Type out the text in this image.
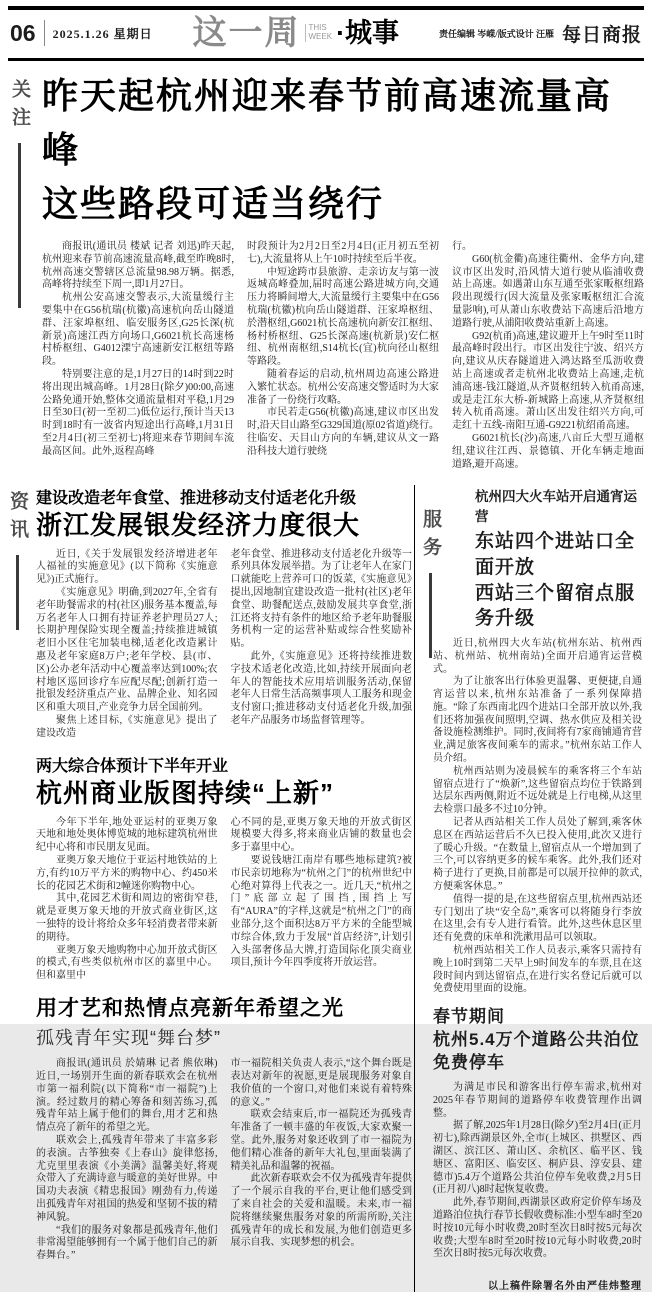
06 2025.1.26 星期日 这一周 THIS
WEEK ·城事	责任编辑 岑嵘/版式设计 汪雁 每日商报
关注 昨天起杭州迎来春节前高速流量高峰
这些路段可适当绕行

商报讯(通讯员 楼斌 记者 刘迅)昨天起,杭州迎来春节前高速流量高峰,截至昨晚8时,杭州高速交警辖区总流量98.98万辆。据悉,高峰将持续至下周一,即1月27日。

杭州公安高速交警表示,大流量缓行主要集中在G56杭瑞(杭徽)高速杭向岳山隧道群、汪家埠枢纽、临安服务区,G25长深(杭新景)高速江西方向场口,G6021杭长高速杨村桥枢纽、G4012溧宁高速新安江枢纽等路段。

特别要注意的是,1月27日的14时到22时将出现出城高峰。1月28日(除夕)00:00,高速公路免通开始,整体交通流量相对平稳,1月29日至30日(初一至初二)低位运行,预计当天13时到18时有一波省内短途出行高峰,1月31日至2月4日(初三至初七)将迎来春节期间车流最高区间。此外,返程高峰

时段预计为2月2日至2月4日(正月初五至初七),大流量将从上午10时持续至后半夜。

中短途跨市县旅游、走亲访友与第一波返城高峰叠加,届时高速公路进城方向,交通压力将瞬间增大,大流量缓行主要集中在G56杭瑞(杭徽)杭向岳山隧道群、汪家埠枢纽、於潜枢纽,G6021杭长高速杭向新安江枢纽、杨村桥枢纽、G25长深高速(杭新景)安仁枢纽、杭州南枢纽,S14杭长(宜)杭向径山枢纽等路段。

随着春运的启动,杭州周边高速公路进入繁忙状态。杭州公安高速交警适时为大家准备了一份绕行攻略。

市民若走G56(杭徽)高速,建议市区出发时,沿天目山路至G329国道(原02省道)绕行。往临安、天目山方向的车辆,建议从文一路沿科技大道行驶绕

行。

G60(杭金衢)高速往衢州、金华方向,建议市区出发时,沿风情大道行驶从临浦收费站上高速。如遇萧山东互通至张家畈枢纽路段出现缓行(因大流量及张家畈枢纽汇合流量影响),可从萧山东收费站下高速后沿地方道路行驶,从浦阳收费站重新上高速。

G92(杭甬)高速,建议避开上午9时至11时最高峰时段出行。市区出发往宁波、绍兴方向,建议从庆春隧道进入鸿达路至瓜沥收费站上高速或者走杭州北收费站上高速,走杭浦高速-钱江隧道,从齐贤枢纽转入杭甬高速,或是走江东大桥-新城路上高速,从齐贤枢纽转入杭甬高速。萧山区出发往绍兴方向,可走红十五线-南阳互通-G9221杭绍甬高速。

G6021杭长(沙)高速,八亩丘大型互通枢纽,建议往江西、景德镇、开化车辆走地面道路,避开高速。

资讯 建设改造老年食堂、推进移动支付适老化升级
浙江发展银发经济力度很大

近日,《关于发展银发经济增进老年人福祉的实施意见》(以下简称《实施意见》)正式施行。

《实施意见》明确,到2027年,全省有老年助餐需求的村(社区)服务基本覆盖,每万名老年人口拥有持证养老护理员27人;长期护理保险实现全覆盖;持续推进城镇老旧小区住宅加装电梯,适老化改造累计惠及老年家庭8万户;老年学校、县(市、区)公办老年活动中心覆盖率达到100%;农村地区巡回诊疗车应配尽配;创新打造一批银发经济重点产业、品牌企业、知名园区和重大项目,产业竞争力居全国前列。

聚焦上述目标,《实施意见》提出了建设改造

老年食堂、推进移动支付适老化升级等一系列具体发展举措。为了让老年人在家门口就能吃上营养可口的饭菜,《实施意见》提出,因地制宜建设改造一批村(社区)老年食堂、助餐配送点,鼓励发展共享食堂,浙江还将支持有条件的地区给予老年助餐服务机构一定的运营补贴或综合性奖励补贴。

此外,《实施意见》还将持续推进数字技术适老化改造,比如,持续开展面向老年人的智能技术应用培训服务活动,保留老年人日常生活高频事项人工服务和现金支付窗口;推进移动支付适老化升级,加强老年产品服务市场监督管理等。

两大综合体预计下半年开业
杭州商业版图持续“上新”

今年下半年,地处亚运村的亚奥万象天地和地处奥体博览城的地标建筑杭州世纪中心将和市民朋友见面。

亚奥万象天地位于亚运村地铁站的上方,有约10万平方米的购物中心、约450米长的花园艺术街和2幢迷你购物中心。

其中,花园艺术街和周边的密街窄巷,就是亚奥万象天地的开放式商业街区,这一独特的设计将给众多年轻消费者带来新的期待。

亚奥万象天地购物中心加开放式街区的模式,有些类似杭州市区的嘉里中心。但和嘉里中

心不同的是,亚奥万象天地的开放式街区规模要大得多,将来商业店铺的数量也会多于嘉里中心。

要说钱塘江南岸有哪些地标建筑?被市民亲切地称为“杭州之门”的杭州世纪中心绝对算得上代表之一。近几天,“杭州之门”底部立起了围挡,围挡上写有“AURA”的字样,这就是“杭州之门”的商业部分,这个面积达8万平方米的全能型城市综合体,致力于发展“首店经济”,计划引入头部奢侈品大牌,打造国际化顶尖商业项目,预计今年四季度将开放运营。

用才艺和热情点亮新年希望之光
孤残青年实现“舞台梦”

商报讯(通讯员 於婧琳 记者 熊依琳)近日,一场别开生面的新春联欢会在杭州市第一福利院(以下简称“市一福院”)上演。经过数月的精心筹备和刻苦练习,孤残青年站上属于他们的舞台,用才艺和热情点亮了新年的希望之光。

联欢会上,孤残青年带来了丰富多彩的表演。古筝独奏《上春山》旋律悠扬,尤克里里表演《小美满》温馨美好,将观众带入了充满诗意与暖意的美好世界。中国功夫表演《精忠报国》刚劲有力,传递出孤残青年对祖国的热爱和坚韧不拔的精神风貌。

“我们的服务对象都是孤残青年,他们非常渴望能够拥有一个属于他们自己的新春舞台。”

市一福院相关负责人表示,“这个舞台既是表达对新年的祝愿,更是展现服务对象自我价值的一个窗口,对他们来说有着特殊的意义。”

联欢会结束后,市一福院还为孤残青年准备了一顿丰盛的年夜饭,大家欢聚一堂。此外,服务对象还收到了市一福院为他们精心准备的新年大礼包,里面装满了精美礼品和温馨的祝福。

此次新春联欢会不仅为孤残青年提供了一个展示自我的平台,更让他们感受到了来自社会的关爱和温暖。未来,市一福院将继续聚焦服务对象的所需所盼,关注孤残青年的成长和发展,为他们创造更多展示自我、实现梦想的机会。

服务
杭州四大火车站开启通宵运营
东站四个进站口全面开放
西站三个留宿点服务升级

近日,杭州四大火车站(杭州东站、杭州西站、杭州站、杭州南站)全面开启通宵运营模式。

为了让旅客出行体验更温馨、更便捷,自通宵运营以来,杭州东站准备了一系列保障措施。“除了东西南北四个进站口全部开放以外,我们还将加强夜间照明,空调、热水供应及相关设备设施检测维护。同时,夜间将有7家商铺通宵营业,满足旅客夜间乘车的需求。”杭州东站工作人员介绍。

杭州西站则为凌晨候车的乘客将三个车站留宿点进行了“焕新”,这些留宿点均位于铁路到达层东西两侧,附近不远处就是上行电梯,从这里去检票口最多不过10分钟。

记者从西站相关工作人员处了解到,乘客休息区在西站运营后不久已投入使用,此次又进行了暖心升级。“在数量上,留宿点从一个增加到了三个,可以容纳更多的候车乘客。此外,我们还对椅子进行了更换,目前都是可以展开拉伸的款式,方便乘客休息。”

值得一提的是,在这些留宿点里,杭州西站还专门划出了块“安全岛”,乘客可以将随身行李放在这里,会有专人进行看管。此外,这些休息区里还有免费的床单和洗漱用品可以领取。

杭州西站相关工作人员表示,乘客只需持有晚上10时到第二天早上9时间发车的车票,且在这段时间内到达留宿点,在进行实名登记后就可以免费使用里面的设施。

春节期间

杭州5.4万个道路公共泊位

免费停车

为满足市民和游客出行停车需求,杭州对2025年春节期间的道路停车收费管理作出调整。

据了解,2025年1月28日(除夕)至2月4日(正月初七),除西湖景区外,全市(上城区、拱墅区、西湖区、滨江区、萧山区、余杭区、临平区、钱塘区、富阳区、临安区、桐庐县、淳安县、建德市)5.4万个道路公共泊位停车免收费,2月5日(正月初八)8时起恢复收费。

此外,春节期间,西湖景区政府定价停车场及道路泊位执行春节长假收费标准:小型车8时至20时按10元每小时收费,20时至次日8时按5元每次收费;大型车8时至20时按10元每小时收费,20时至次日8时按5元每次收费。

以上稿件除署名外由严佳炜整理
